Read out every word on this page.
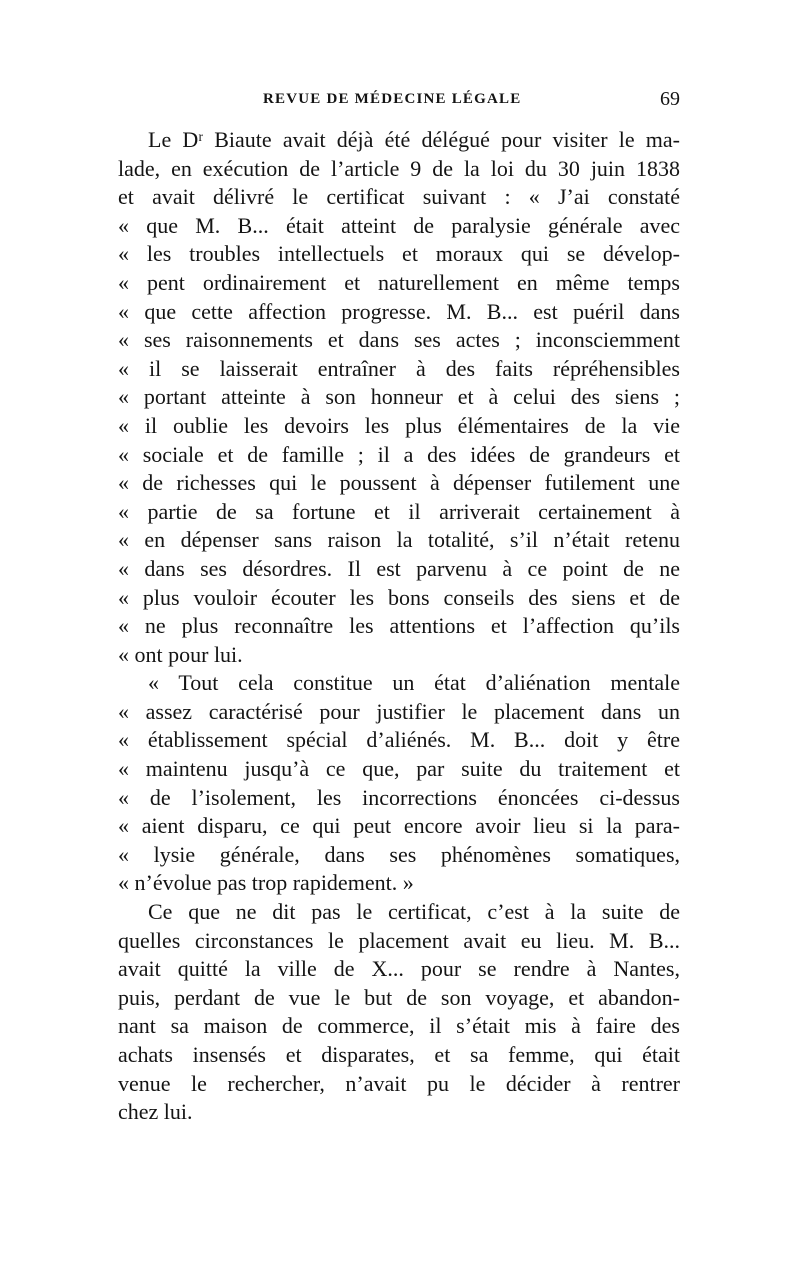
REVUE DE MÉDECINE LÉGALE	69
Le Dʳ Biaute avait déjà été délégué pour visiter le ma-
lade, en exécution de l’article 9 de la loi du 30 juin 1838
et avait délivré le certificat suivant : « J’ai constaté
« que M. B... était atteint de paralysie générale avec
« les troubles intellectuels et moraux qui se dévelop-
« pent ordinairement et naturellement en même temps
« que cette affection progresse. M. B... est puéril dans
« ses raisonnements et dans ses actes ; inconsciemment
« il se laisserait entraîner à des faits répréhensibles
« portant atteinte à son honneur et à celui des siens ;
« il oublie les devoirs les plus élémentaires de la vie
« sociale et de famille ; il a des idées de grandeurs et
« de richesses qui le poussent à dépenser futilement une
« partie de sa fortune et il arriverait certainement à
« en dépenser sans raison la totalité, s’il n’était retenu
« dans ses désordres. Il est parvenu à ce point de ne
« plus vouloir écouter les bons conseils des siens et de
« ne plus reconnaître les attentions et l’affection qu’ils
« ont pour lui.
« Tout cela constitue un état d’aliénation mentale
« assez caractérisé pour justifier le placement dans un
« établissement spécial d’aliénés. M. B... doit y être
« maintenu jusqu’à ce que, par suite du traitement et
« de l’isolement, les incorrections énoncées ci-dessus
« aient disparu, ce qui peut encore avoir lieu si la para-
« lysie générale, dans ses phénomènes somatiques,
« n’évolue pas trop rapidement. »
Ce que ne dit pas le certificat, c’est à la suite de
quelles circonstances le placement avait eu lieu. M. B...
avait quitté la ville de X... pour se rendre à Nantes,
puis, perdant de vue le but de son voyage, et abandon-
nant sa maison de commerce, il s’était mis à faire des
achats insensés et disparates, et sa femme, qui était
venue le rechercher, n’avait pu le décider à rentrer
chez lui.
